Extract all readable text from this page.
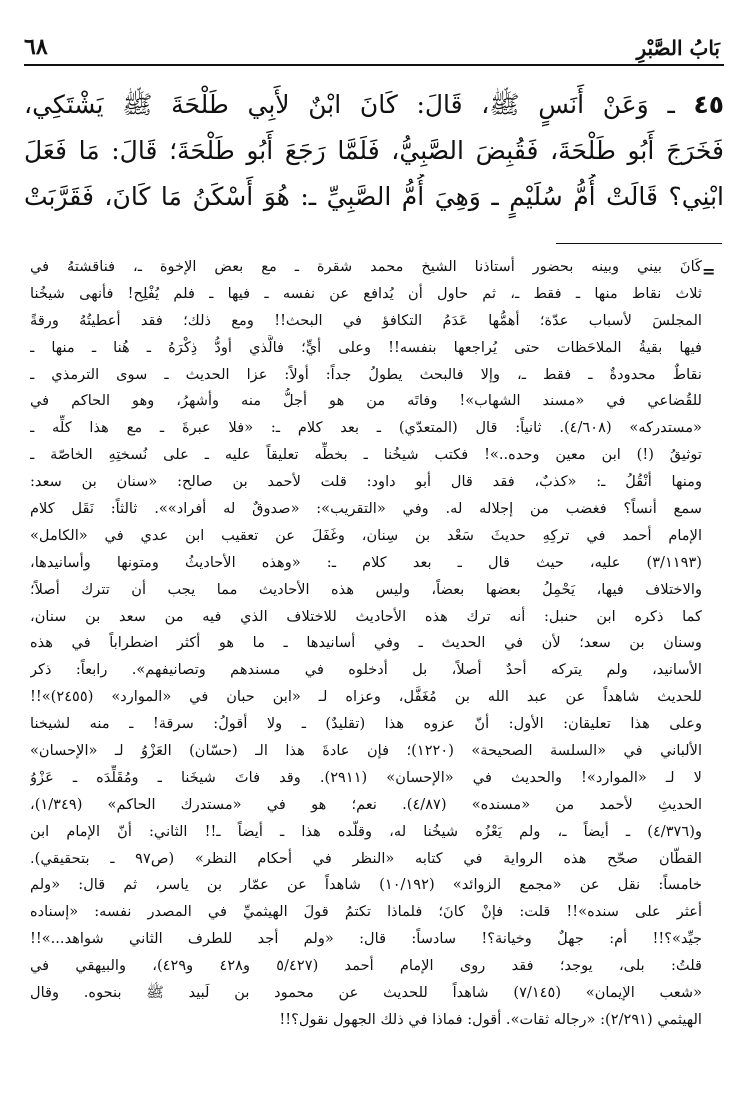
بَابُ الصَّبْرِ
٦٨
٤٥ ـ وَعَنْ أَنَسٍ ﷺ، قَالَ: كَانَ ابْنٌ لأَبِي طَلْحَةَ ﷺ يَشْتَكِي،
فَخَرَجَ أَبُو طَلْحَةَ، فَقُبِضَ الصَّبِيُّ، فَلَمَّا رَجَعَ أَبُو طَلْحَةَ؛ قَالَ: مَا فَعَلَ
ابْنِي؟ قَالَتْ أُمُّ سُلَيْمٍ ـ وَهِيَ أُمُّ الصَّبِيِّ ـ: هُوَ أَسْكَنُ مَا كَانَ، فَقَرَّبَتْ
=
كَانَ بيني وبينه بحضور أستاذنا الشيخ محمد شقرة ـ مع بعض الإخوة ـ، فناقشتهُ في
ثلاث نقاط منها ـ فقط ـ، ثم حاول أن يُدافع عن نفسه ـ فيها ـ فلم يُفْلِح! فأنهى شيخُنا
المجلسَ لأسباب عدّة؛ أهمُّها عَدَمُ التكافؤ في البحث!! ومع ذلك؛ فقد أعطيتُهُ ورقةً
فيها بقيةُ الملاحَظات حتى يُراجعها بنفسه!! وعلى أيٍّ؛ فالَّذي أودُّ ذِكْرَهُ ـ هُنا ـ منها ـ
نقاطٌ محدودةٌ ـ فقط ـ، وإلا فالبحث يطولُ جداً: أولاً: عزا الحديث ـ سوى الترمذي ـ
للقُضاعي في «مسند الشهاب»! وفاتَه من هو أجلُّ منه وأشهرُ، وهو الحاكم في
«مستدركه» (٤/٦٠٨). ثانياً: قال (المتعدّي) ـ بعد كلام ـ: «فلا عبرةَ ـ مع هذا كلِّه ـ
توثيقُ (!) ابن معين وحده..»! فكتب شيخُنا ـ بخطِّه تعليقاً عليه ـ على نُسختِهِ الخاصّة ـ
ومنها أنْقُلُ ـ: «كذبٌ، فقد قال أبو داود: قلت لأحمد بن صالح: «سنان بن سعد:
سمع أنساً؟ فغضب من إجلاله له. وفي «التقريب»: «صدوقٌ له أفراد»». ثالثاً: نَقَل كلام
الإمام أحمد في تركِهِ حديثَ سَعْد بن سِنان، وغَفَلَ عن تعقيب ابن عدي في «الكامل»
(٣/١١٩٣) عليه، حيث قال ـ بعد كلام ـ: «وهذه الأحاديثُ ومتونها وأسانيدها،
والاختلاف فيها، يَحْمِلُ بعضها بعضاً، وليس هذه الأحاديث مما يجب أن تترك أصلاً؛
كما ذكره ابن حنبل: أنه ترك هذه الأحاديث للاختلاف الذي فيه من سعد بن سنان،
وسنان بن سعد؛ لأن في الحديث ـ وفي أسانيدها ـ ما هو أكثر اضطراباً في هذه
الأسانيد، ولم يتركه أحدٌ أصلاً، بل أدخلوه في مسندهم وتصانيفهم». رابعاً: ذكر
للحديث شاهداً عن عبد الله بن مُغَفَّل، وعزاه لـ «ابن حبان في «الموارد» (٢٤٥٥)»!!
وعلى هذا تعليقان: الأول: أنّ عزوه هذا (تقليدٌ) ـ ولا أقولُ: سرقة! ـ منه لشيخنا
الألباني في «السلسة الصحيحة» (١٢٢٠)؛ فإن عادةَ هذا الـ (حسّان) العَزْوُ لـ «الإحسان»
لا لـ «الموارد»! والحديث في «الإحسان» (٢٩١١). وقد فاتَ شيخَنا ـ ومُقَلِّدَه ـ عَزْوُ
الحديثِ لأحمد من «مسنده» (٤/٨٧). نعم؛ هو في «مستدرك الحاكم» (١/٣٤٩)،
و(٤/٣٧٦) ـ أيضاً ـ، ولم يَعْزُه شيخُنا له، وقلّده هذا ـ أيضاً ـ!! الثاني: أنّ الإمام ابن
القطّان صحّح هذه الرواية في كتابه «النظر في أحكام النظر» (ص٩٧ ـ بتحقيقي).
خامساً: نقل عن «مجمع الزوائد» (١٠/١٩٢) شاهداً عن عمّار بن ياسر، ثم قال: «ولم
أعثر على سنده»!! قلت: فإنْ كانَ؛ فلماذا تكتمُ قولَ الهيثميِّ في المصدر نفسه: «إسناده
جيِّد»؟!! أم: جهلٌ وخيانة؟! سادساً: قال: «ولم أجد للطرف الثاني شواهد...»!!
قلتُ: بلى، يوجد؛ فقد روى الإمام أحمد (٥/٤٢٧ و٤٢٨ و٤٢٩)، والبيهقي في
«شعب الإيمان» (٧/١٤٥) شاهداً للحديث عن محمود بن لَبيد ﷺ بنحوه. وقال
الهيثمي (٢/٢٩١): «رجاله ثقات». أقول: فماذا في ذلك الجهول نقول؟!!
